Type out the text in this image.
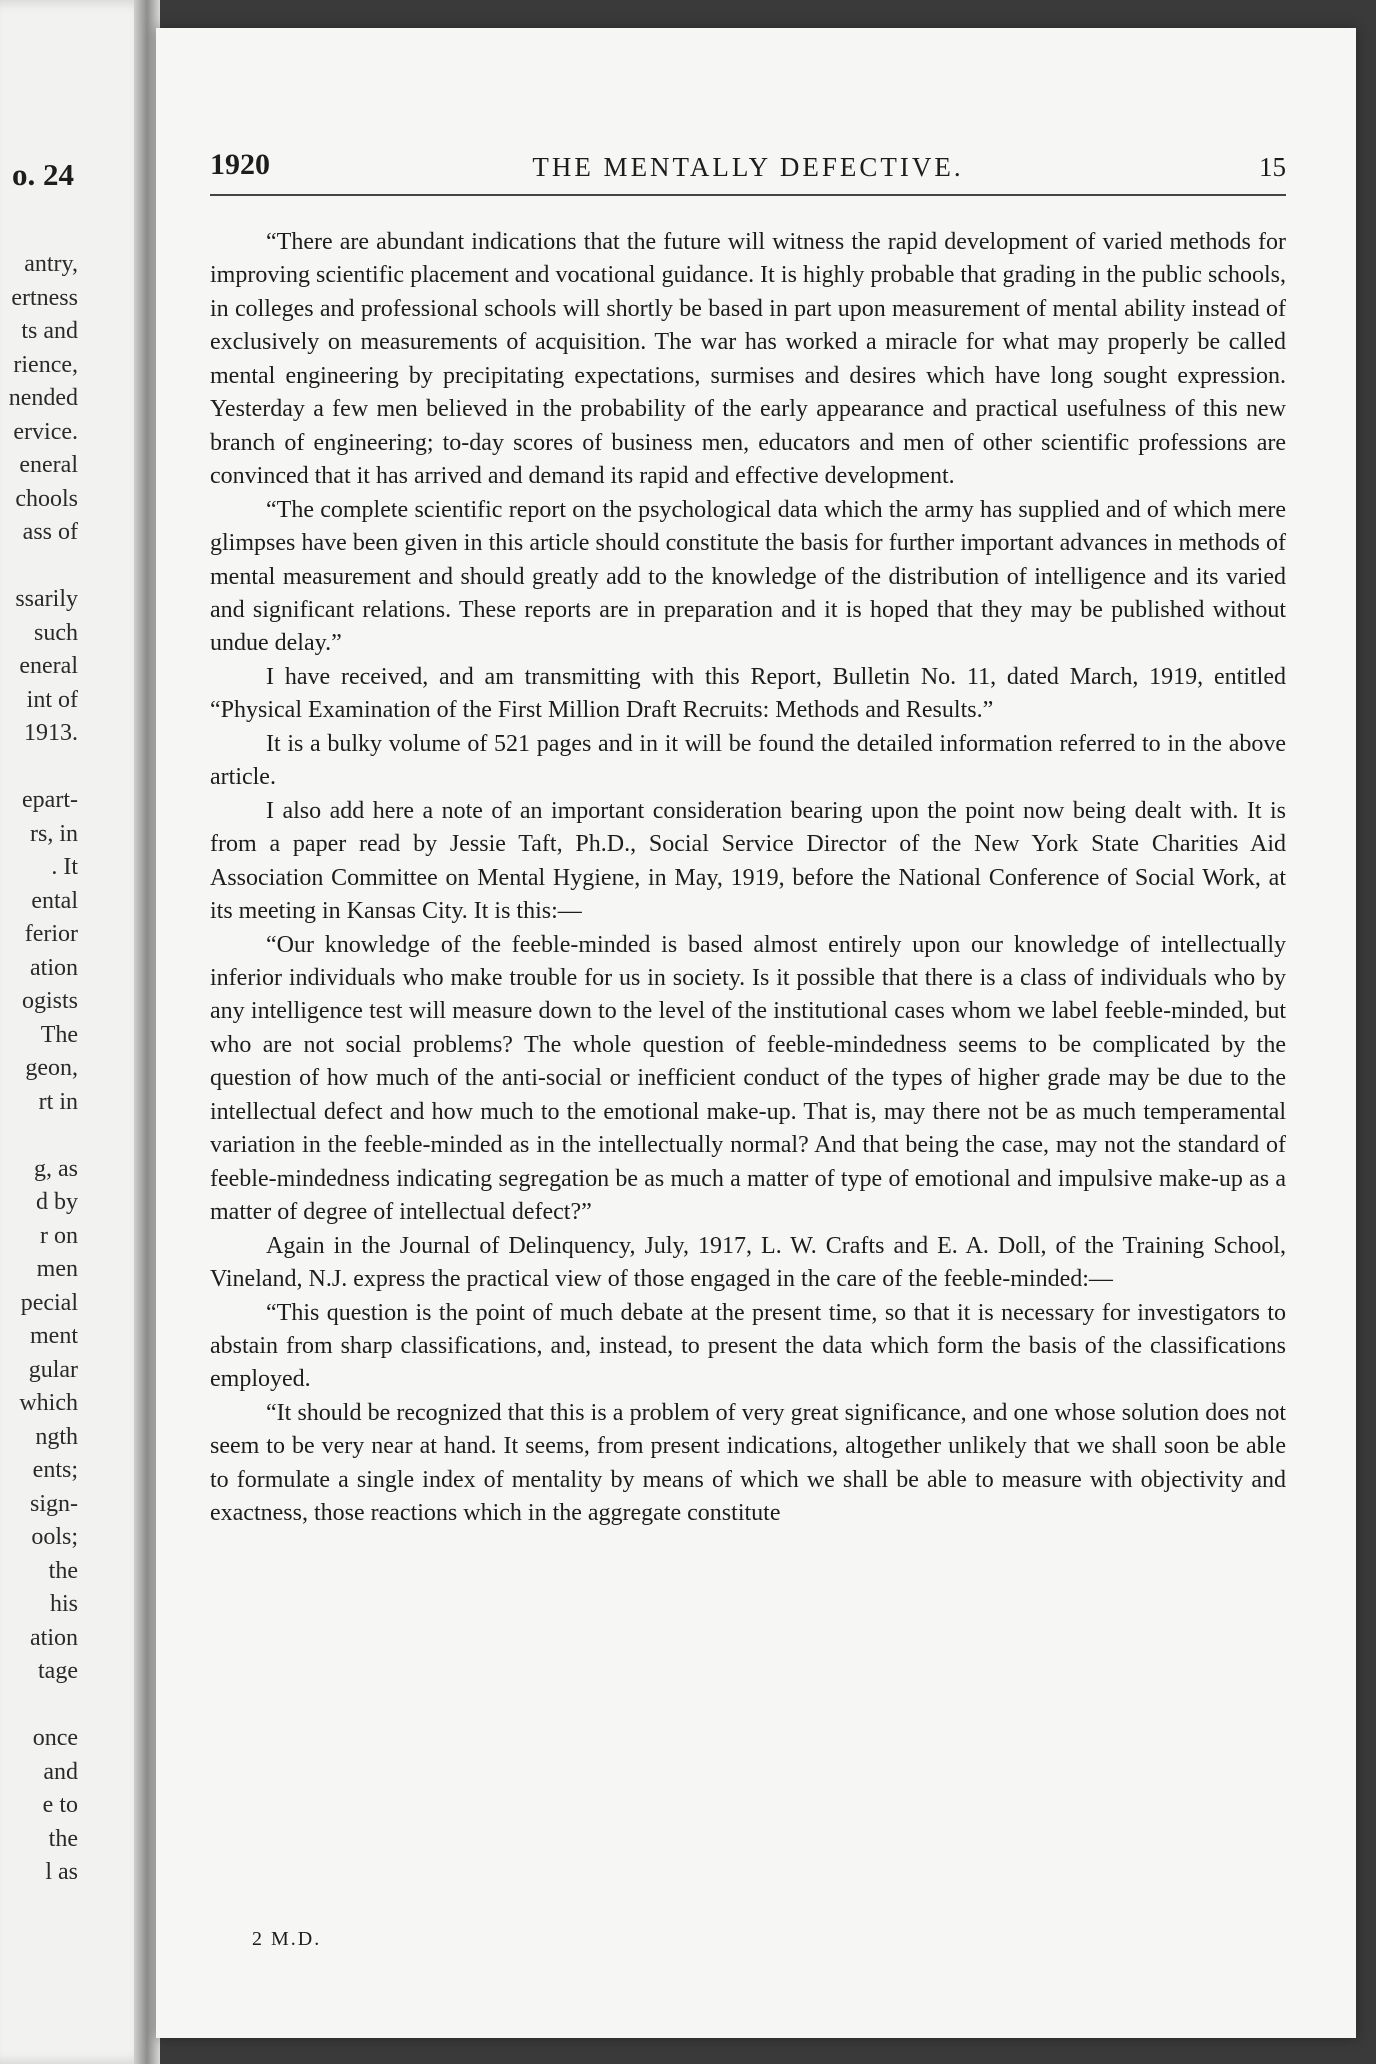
o. 24
antry,
ertness
ts and
rience,
nended
ervice.
eneral
chools
ass of

ssarily
such
eneral
int of
1913.

epart-
rs, in
. It
ental
ferior
ation
ogists
The
geon,
rt in

g, as
d by
r on
men
pecial
ment
gular
which
ngth
ents;
sign-
ools;
the
his
ation
tage

once
and
e to
the
l as
1920	THE MENTALLY DEFECTIVE.	15

“There are abundant indications that the future will witness the rapid development of varied methods for improving scientific placement and vocational guidance. It is highly probable that grading in the public schools, in colleges and professional schools will shortly be based in part upon measurement of mental ability instead of exclusively on measurements of acquisition. The war has worked a miracle for what may properly be called mental engineering by precipitating expectations, surmises and desires which have long sought expression. Yesterday a few men believed in the probability of the early appearance and practical usefulness of this new branch of engineering; to-day scores of business men, educators and men of other scientific professions are convinced that it has arrived and demand its rapid and effective development.

“The complete scientific report on the psychological data which the army has supplied and of which mere glimpses have been given in this article should constitute the basis for further important advances in methods of mental measurement and should greatly add to the knowledge of the distribution of intelligence and its varied and significant relations. These reports are in preparation and it is hoped that they may be published without undue delay.”

I have received, and am transmitting with this Report, Bulletin No. 11, dated March, 1919, entitled “Physical Examination of the First Million Draft Recruits: Methods and Results.”

It is a bulky volume of 521 pages and in it will be found the detailed information referred to in the above article.

I also add here a note of an important consideration bearing upon the point now being dealt with. It is from a paper read by Jessie Taft, Ph.D., Social Service Director of the New York State Charities Aid Association Committee on Mental Hygiene, in May, 1919, before the National Conference of Social Work, at its meeting in Kansas City. It is this:—

“Our knowledge of the feeble-minded is based almost entirely upon our knowledge of intellectually inferior individuals who make trouble for us in society. Is it possible that there is a class of individuals who by any intelligence test will measure down to the level of the institutional cases whom we label feeble-minded, but who are not social problems? The whole question of feeble-mindedness seems to be complicated by the question of how much of the anti-social or inefficient conduct of the types of higher grade may be due to the intellectual defect and how much to the emotional make-up. That is, may there not be as much temperamental variation in the feeble-minded as in the intellectually normal? And that being the case, may not the standard of feeble-mindedness indicating segregation be as much a matter of type of emotional and impulsive make-up as a matter of degree of intellectual defect?”

Again in the Journal of Delinquency, July, 1917, L. W. Crafts and E. A. Doll, of the Training School, Vineland, N.J. express the practical view of those engaged in the care of the feeble-minded:—

“This question is the point of much debate at the present time, so that it is necessary for investigators to abstain from sharp classifications, and, instead, to present the data which form the basis of the classifications employed.

“It should be recognized that this is a problem of very great significance, and one whose solution does not seem to be very near at hand. It seems, from present indications, altogether unlikely that we shall soon be able to formulate a single index of mentality by means of which we shall be able to measure with objectivity and exactness, those reactions which in the aggregate constitute

2 M.D.
